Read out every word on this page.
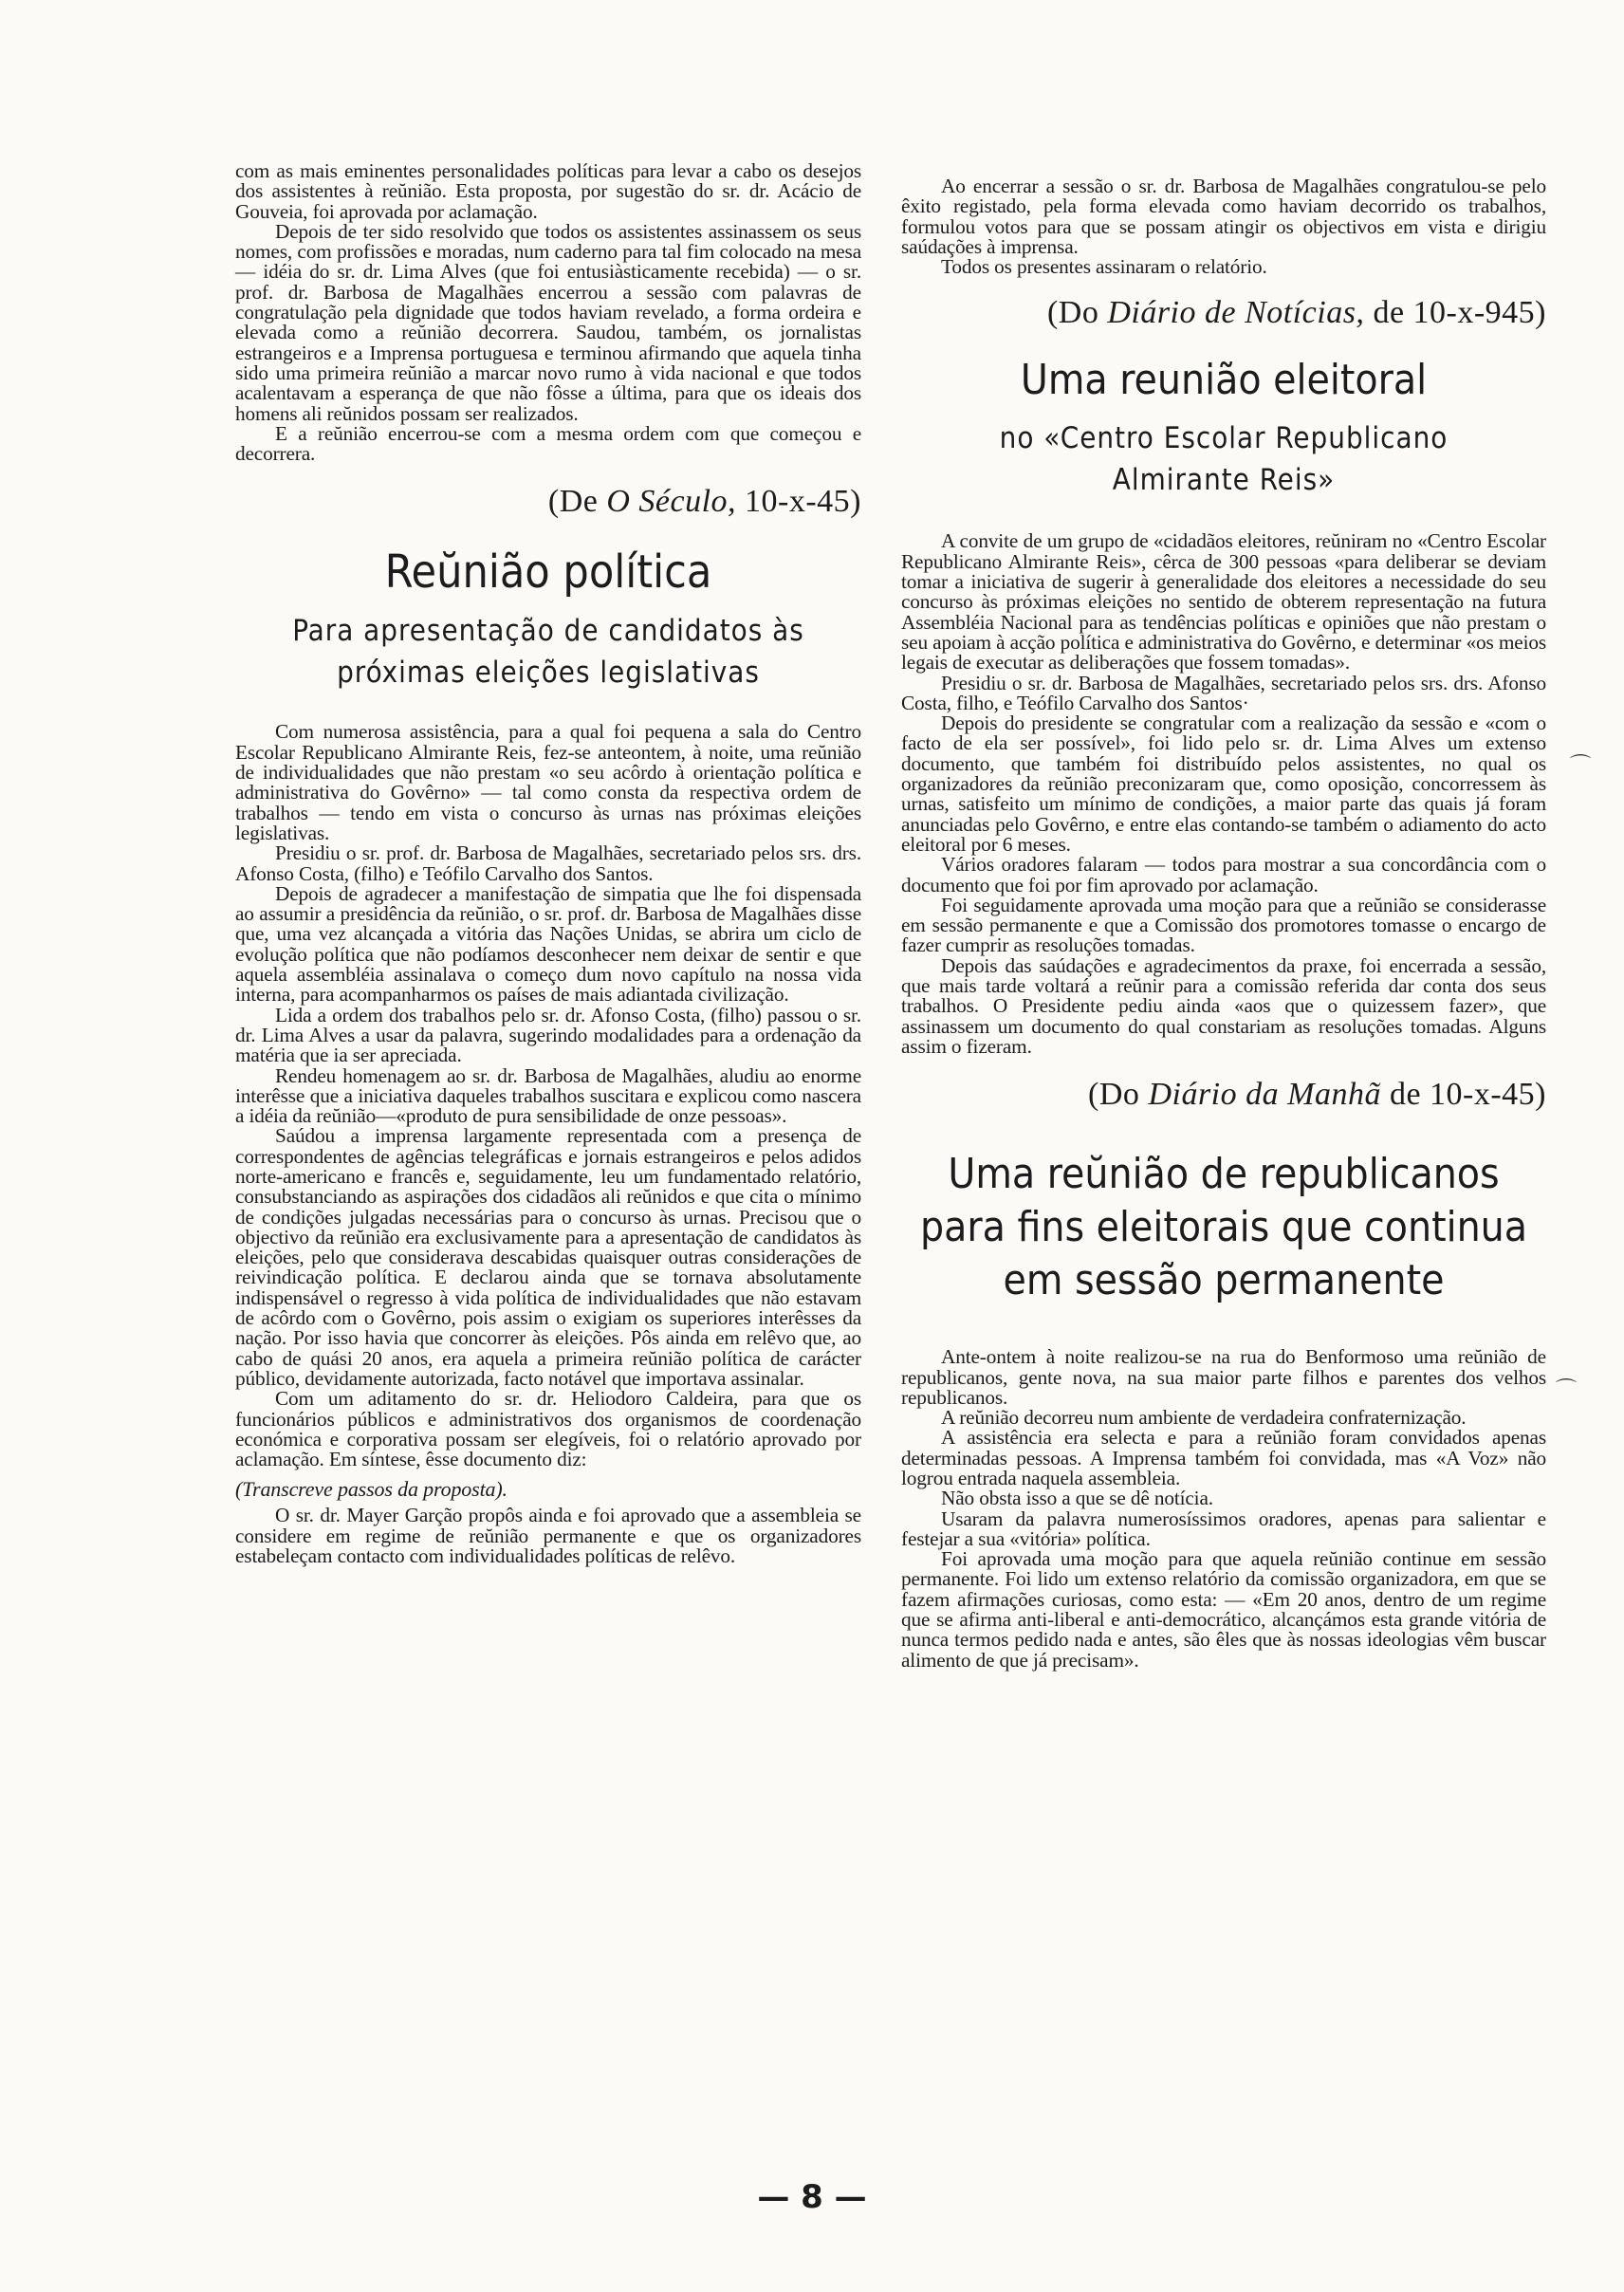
com as mais eminentes personalidades políticas para levar a cabo os desejos dos assistentes à reŭnião. Esta proposta, por sugestão do sr. dr. Acácio de Gouveia, foi aprovada por aclamação.

Depois de ter sido resolvido que todos os assistentes assinassem os seus nomes, com profissões e moradas, num caderno para tal fim colocado na mesa — idéia do sr. dr. Lima Alves (que foi entusiàsticamente recebida) — o sr. prof. dr. Barbosa de Magalhães encerrou a sessão com palavras de congratulação pela dignidade que todos haviam revelado, a forma ordeira e elevada como a reŭnião decorrera. Saudou, também, os jornalistas estrangeiros e a Imprensa portuguesa e terminou afirmando que aquela tinha sido uma primeira reŭnião a marcar novo rumo à vida nacional e que todos acalentavam a esperança de que não fôsse a última, para que os ideais dos homens ali reŭnidos possam ser realizados.

E a reŭnião encerrou-se com a mesma ordem com que começou e decorrera.

(De O Século, 10-x-45)
Reŭnião política
Para apresentação de candidatos às próximas eleições legislativas

Com numerosa assistência, para a qual foi pequena a sala do Centro Escolar Republicano Almirante Reis, fez-se anteontem, à noite, uma reŭnião de individualidades que não prestam «o seu acôrdo à orientação política e administrativa do Govêrno» — tal como consta da respectiva ordem de trabalhos — tendo em vista o concurso às urnas nas próximas eleições legislativas.

Presidiu o sr. prof. dr. Barbosa de Magalhães, secretariado pelos srs. drs. Afonso Costa, (filho) e Teófilo Carvalho dos Santos.

Depois de agradecer a manifestação de simpatia que lhe foi dispensada ao assumir a presidência da reŭnião, o sr. prof. dr. Barbosa de Magalhães disse que, uma vez alcançada a vitória das Nações Unidas, se abrira um ciclo de evolução política que não podíamos desconhecer nem deixar de sentir e que aquela assembléia assinalava o começo dum novo capítulo na nossa vida interna, para acompanharmos os países de mais adiantada civilização.

Lida a ordem dos trabalhos pelo sr. dr. Afonso Costa, (filho) passou o sr. dr. Lima Alves a usar da palavra, sugerindo modalidades para a ordenação da matéria que ia ser apreciada.

Rendeu homenagem ao sr. dr. Barbosa de Magalhães, aludiu ao enorme interêsse que a iniciativa daqueles trabalhos suscitara e explicou como nascera a idéia da reŭnião—«produto de pura sensibilidade de onze pessoas».

Saúdou a imprensa largamente representada com a presença de correspondentes de agências telegráficas e jornais estrangeiros e pelos adidos norte-americano e francês e, seguidamente, leu um fundamentado relatório, consubstanciando as aspirações dos cidadãos ali reŭnidos e que cita o mínimo de condições julgadas necessárias para o concurso às urnas. Precisou que o objectivo da reŭnião era exclusivamente para a apresentação de candidatos às eleições, pelo que considerava descabidas quaisquer outras considerações de reivindicação política. E declarou ainda que se tornava absolutamente indispensável o regresso à vida política de individualidades que não estavam de acôrdo com o Govêrno, pois assim o exigiam os superiores interêsses da nação. Por isso havia que concorrer às eleições. Pôs ainda em relêvo que, ao cabo de quási 20 anos, era aquela a primeira reŭnião política de carácter público, devidamente autorizada, facto notável que importava assinalar.

Com um aditamento do sr. dr. Heliodoro Caldeira, para que os funcionários públicos e administrativos dos organismos de coordenação económica e corporativa possam ser elegíveis, foi o relatório aprovado por aclamação. Em síntese, êsse documento diz:

(Transcreve passos da proposta).

O sr. dr. Mayer Garção propôs ainda e foi aprovado que a assembleia se considere em regime de reŭnião permanente e que os organizadores estabeleçam contacto com individualidades políticas de relêvo.

Ao encerrar a sessão o sr. dr. Barbosa de Magalhães congratulou-se pelo êxito registado, pela forma elevada como haviam decorrido os trabalhos, formulou votos para que se possam atingir os objectivos em vista e dirigiu saúdações à imprensa.

Todos os presentes assinaram o relatório.

(Do Diário de Notícias, de 10-x-945)
Uma reunião eleitoral
no «Centro Escolar Republicano
Almirante Reis»

A convite de um grupo de «cidadãos eleitores, reŭniram no «Centro Escolar Republicano Almirante Reis», cêrca de 300 pessoas «para deliberar se deviam tomar a iniciativa de sugerir à generalidade dos eleitores a necessidade do seu concurso às próximas eleições no sentido de obterem representação na futura Assembléia Nacional para as tendências políticas e opiniões que não prestam o seu apoiam à acção política e administrativa do Govêrno, e determinar «os meios legais de executar as deliberações que fossem tomadas».

Presidiu o sr. dr. Barbosa de Magalhães, secretariado pelos srs. drs. Afonso Costa, filho, e Teófilo Carvalho dos Santos·

Depois do presidente se congratular com a realização da sessão e «com o facto de ela ser possível», foi lido pelo sr. dr. Lima Alves um extenso documento, que também foi distribuído pelos assistentes, no qual os organizadores da reŭnião preconizaram que, como oposição, concorressem às urnas, satisfeito um mínimo de condições, a maior parte das quais já foram anunciadas pelo Govêrno, e entre elas contando-se também o adiamento do acto eleitoral por 6 meses.

Vários oradores falaram — todos para mostrar a sua concordância com o documento que foi por fim aprovado por aclamação.

Foi seguidamente aprovada uma moção para que a reŭnião se considerasse em sessão permanente e que a Comissão dos promotores tomasse o encargo de fazer cumprir as resoluções tomadas.

Depois das saúdações e agradecimentos da praxe, foi encerrada a sessão, que mais tarde voltará a reŭnir para a comissão referida dar conta dos seus trabalhos. O Presidente pediu ainda «aos que o quizessem fazer», que assinassem um documento do qual constariam as resoluções tomadas. Alguns assim o fizeram.

(Do Diário da Manhã de 10-x-45)
Uma reŭnião de republicanos para fins eleitorais que continua em sessão permanente

Ante-ontem à noite realizou-se na rua do Benformoso uma reŭnião de republicanos, gente nova, na sua maior parte filhos e parentes dos velhos republicanos.

A reŭnião decorreu num ambiente de verdadeira confraternização.

A assistência era selecta e para a reŭnião foram convidados apenas determinadas pessoas. A Imprensa também foi convidada, mas «A Voz» não logrou entrada naquela assembleia.

Não obsta isso a que se dê notícia.

Usaram da palavra numerosíssimos oradores, apenas para salientar e festejar a sua «vitória» política.

Foi aprovada uma moção para que aquela reŭnião continue em sessão permanente. Foi lido um extenso relatório da comissão organizadora, em que se fazem afirmações curiosas, como esta: — «Em 20 anos, dentro de um regime que se afirma anti-liberal e anti-democrático, alcançámos esta grande vitória de nunca termos pedido nada e antes, são êles que às nossas ideologias vêm buscar alimento de que já precisam».

— 8 —
⌒
⌒
